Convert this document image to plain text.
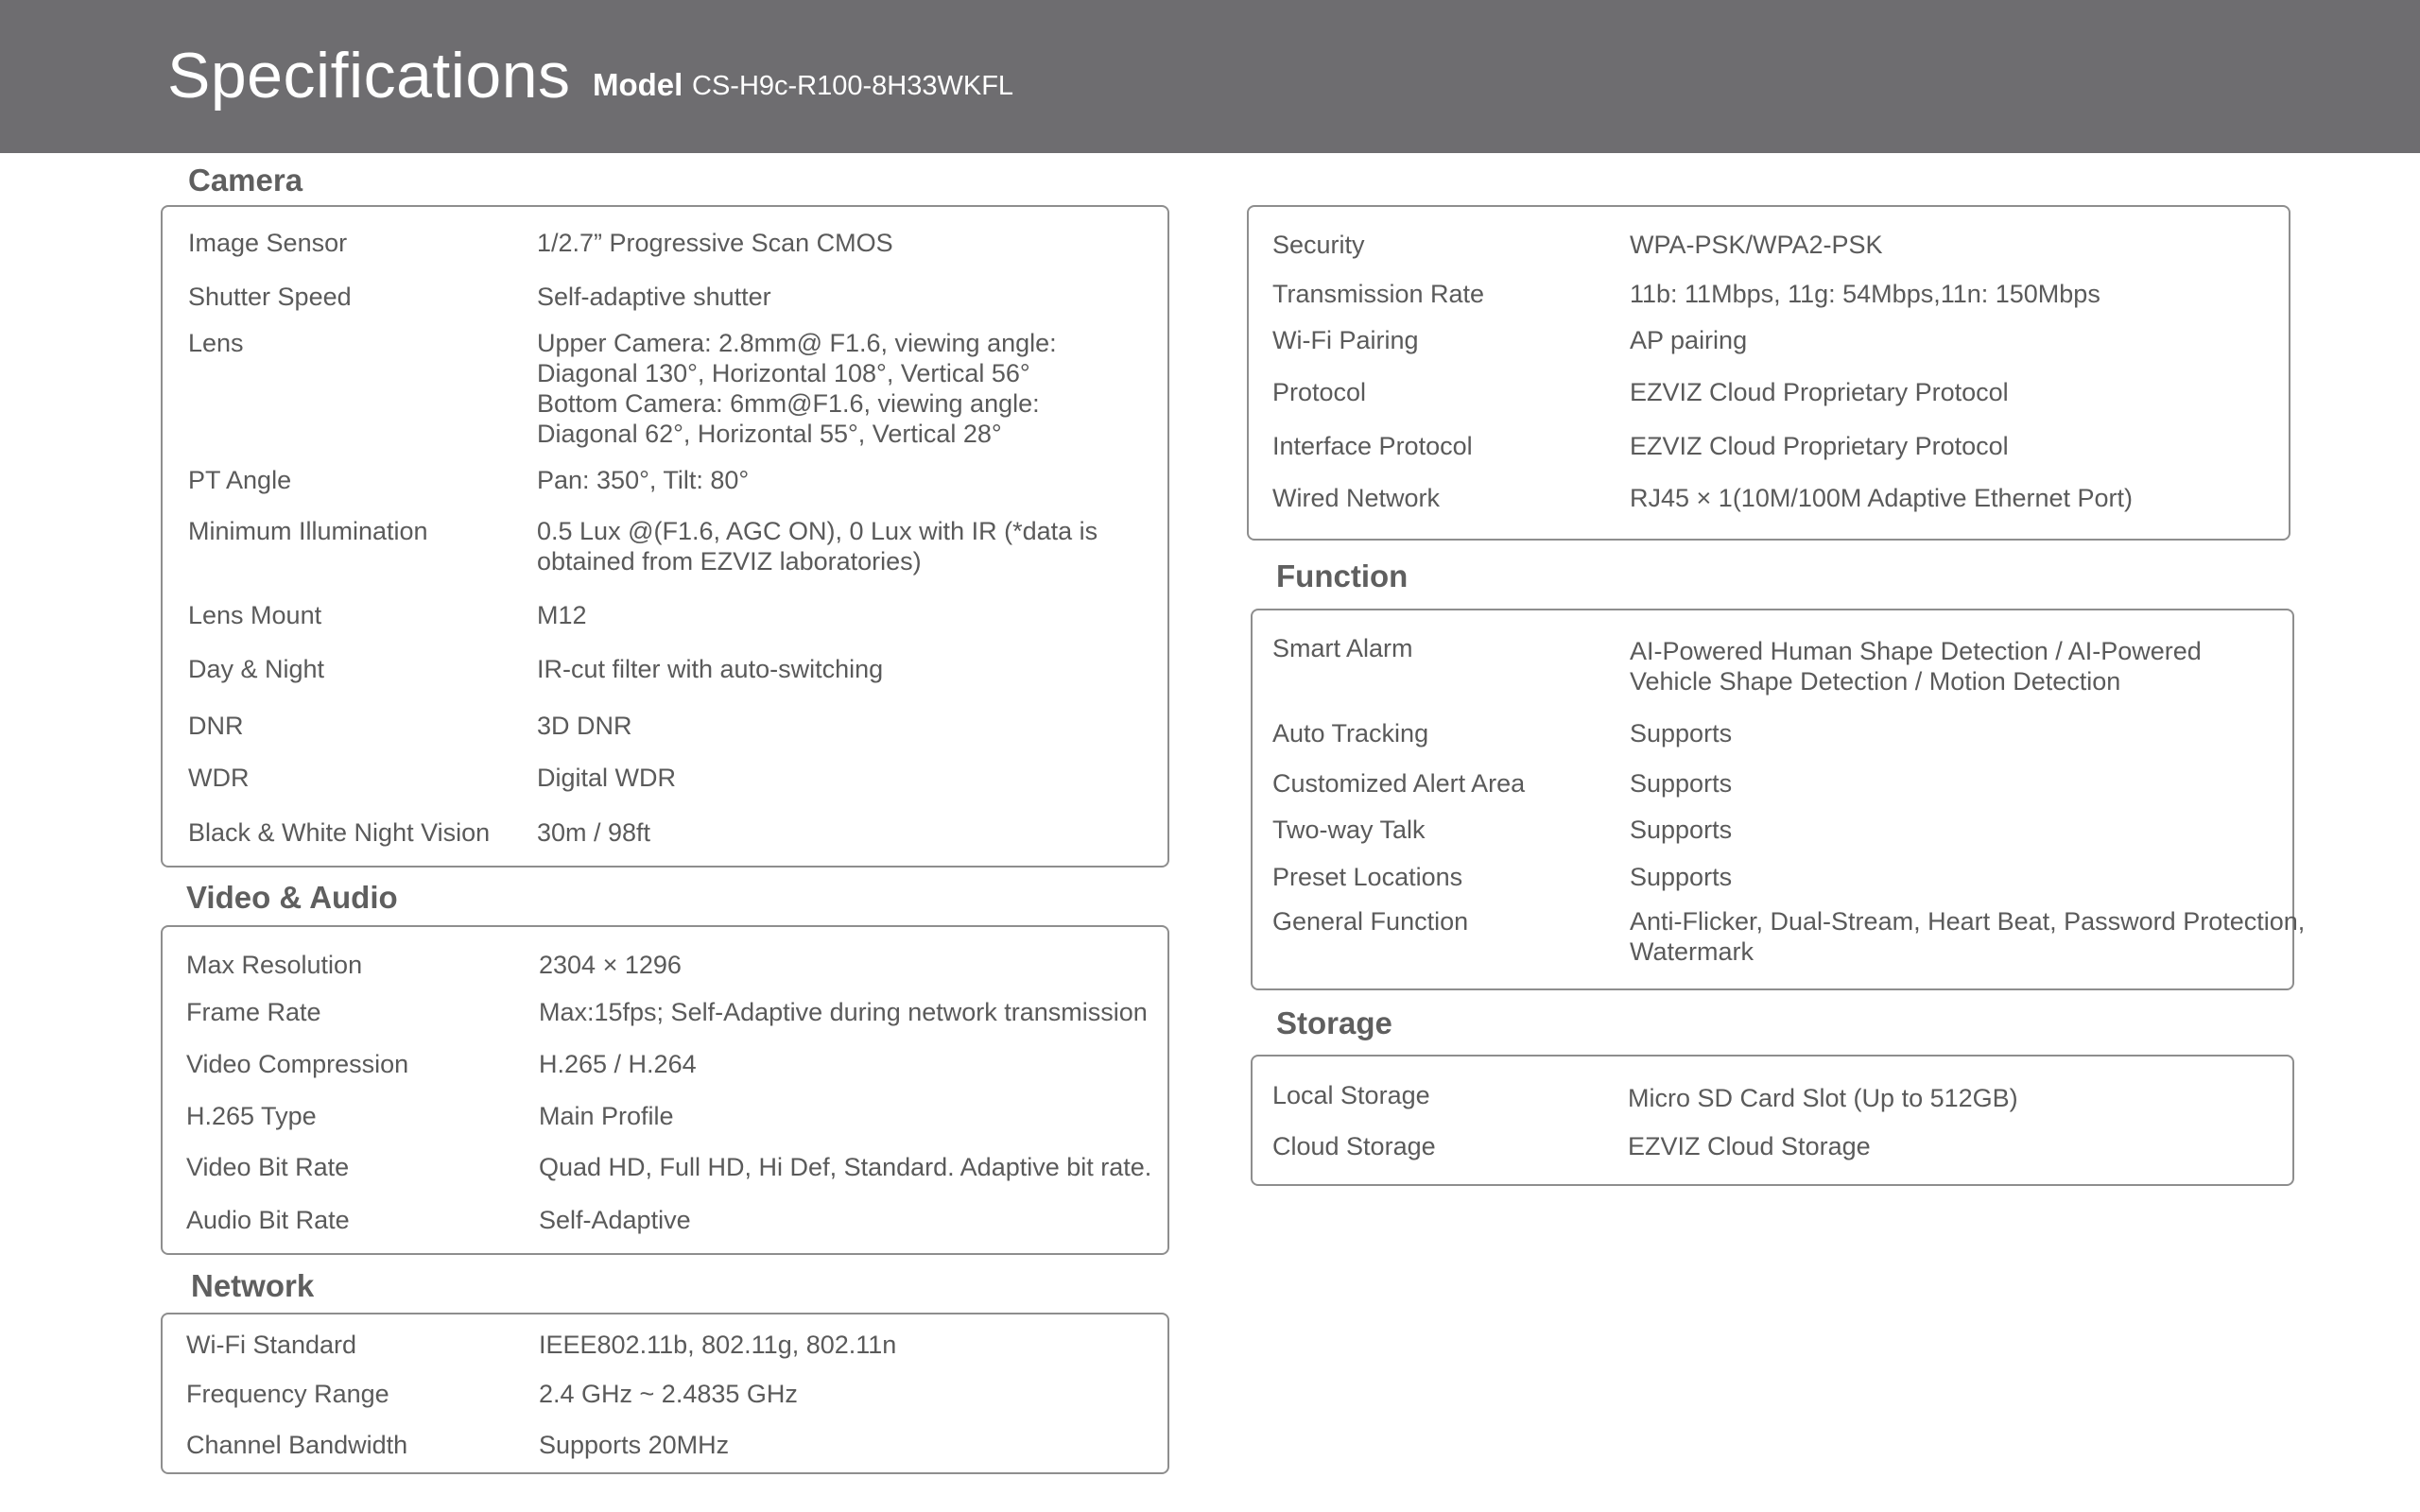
Specifications Model CS-H9c-R100-8H33WKFL
Camera
Image Sensor	1/2.7” Progressive Scan CMOS
Shutter Speed	Self-adaptive shutter
Lens	Upper Camera: 2.8mm@ F1.6, viewing angle:
Diagonal 130°, Horizontal 108°, Vertical 56°
Bottom Camera: 6mm@F1.6, viewing angle:
Diagonal 62°, Horizontal 55°, Vertical 28°
PT Angle	Pan: 350°, Tilt: 80°
Minimum Illumination	0.5 Lux @(F1.6, AGC ON), 0 Lux with IR (*data is
obtained from EZVIZ laboratories)
Lens Mount	M12
Day & Night	IR-cut filter with auto-switching
DNR	3D DNR
WDR	Digital WDR
Black & White Night Vision 30m / 98ft
Video & Audio
Max Resolution	2304 × 1296
Frame Rate	Max:15fps; Self-Adaptive during network transmission
Video Compression	H.265 / H.264
H.265 Type	Main Profile
Video Bit Rate	Quad HD, Full HD, Hi Def, Standard. Adaptive bit rate.
Audio Bit Rate	Self-Adaptive
Network
Wi-Fi Standard	IEEE802.11b, 802.11g, 802.11n
Frequency Range	2.4 GHz ~ 2.4835 GHz
Channel Bandwidth	Supports 20MHz
Security	WPA-PSK/WPA2-PSK
Transmission Rate	11b: 11Mbps, 11g: 54Mbps,11n: 150Mbps
Wi-Fi Pairing	AP pairing
Protocol	EZVIZ Cloud Proprietary Protocol
Interface Protocol	EZVIZ Cloud Proprietary Protocol
Wired Network	RJ45 × 1(10M/100M Adaptive Ethernet Port)
Function
Smart Alarm	AI-Powered Human Shape Detection / AI-Powered
Vehicle Shape Detection / Motion Detection
Auto Tracking	Supports
Customized Alert Area	Supports
Two-way Talk	Supports
Preset Locations	Supports
General Function	Anti-Flicker, Dual-Stream, Heart Beat, Password Protection,
Watermark
Storage
Local Storage	Micro SD Card Slot (Up to 512GB)
Cloud Storage	EZVIZ Cloud Storage
